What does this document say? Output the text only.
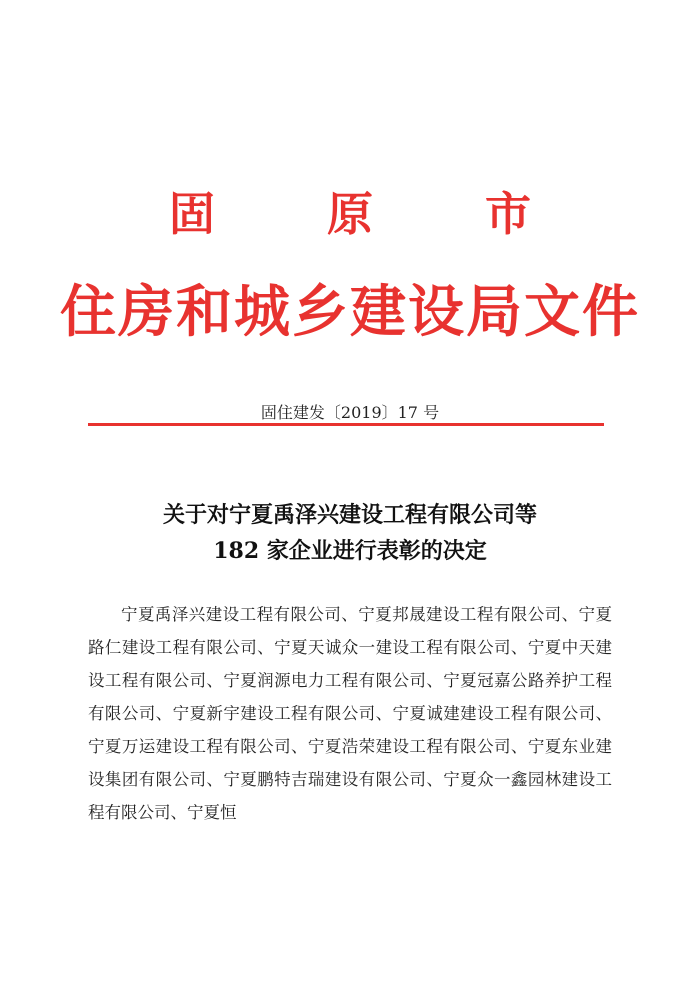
固 原 市
住房和城乡建设局文件
固住建发〔2019〕17 号
关于对宁夏禹泽兴建设工程有限公司等
182 家企业进行表彰的决定
宁夏禹泽兴建设工程有限公司、宁夏邦晟建设工程有限公司、宁夏路仁建设工程有限公司、宁夏天诚众一建设工程有限公司、宁夏中天建设工程有限公司、宁夏润源电力工程有限公司、宁夏冠嘉公路养护工程有限公司、宁夏新宇建设工程有限公司、宁夏诚建建设工程有限公司、宁夏万运建设工程有限公司、宁夏浩荣建设工程有限公司、宁夏东业建设集团有限公司、宁夏鹏特吉瑞建设有限公司、宁夏众一鑫园林建设工程有限公司、宁夏恒
